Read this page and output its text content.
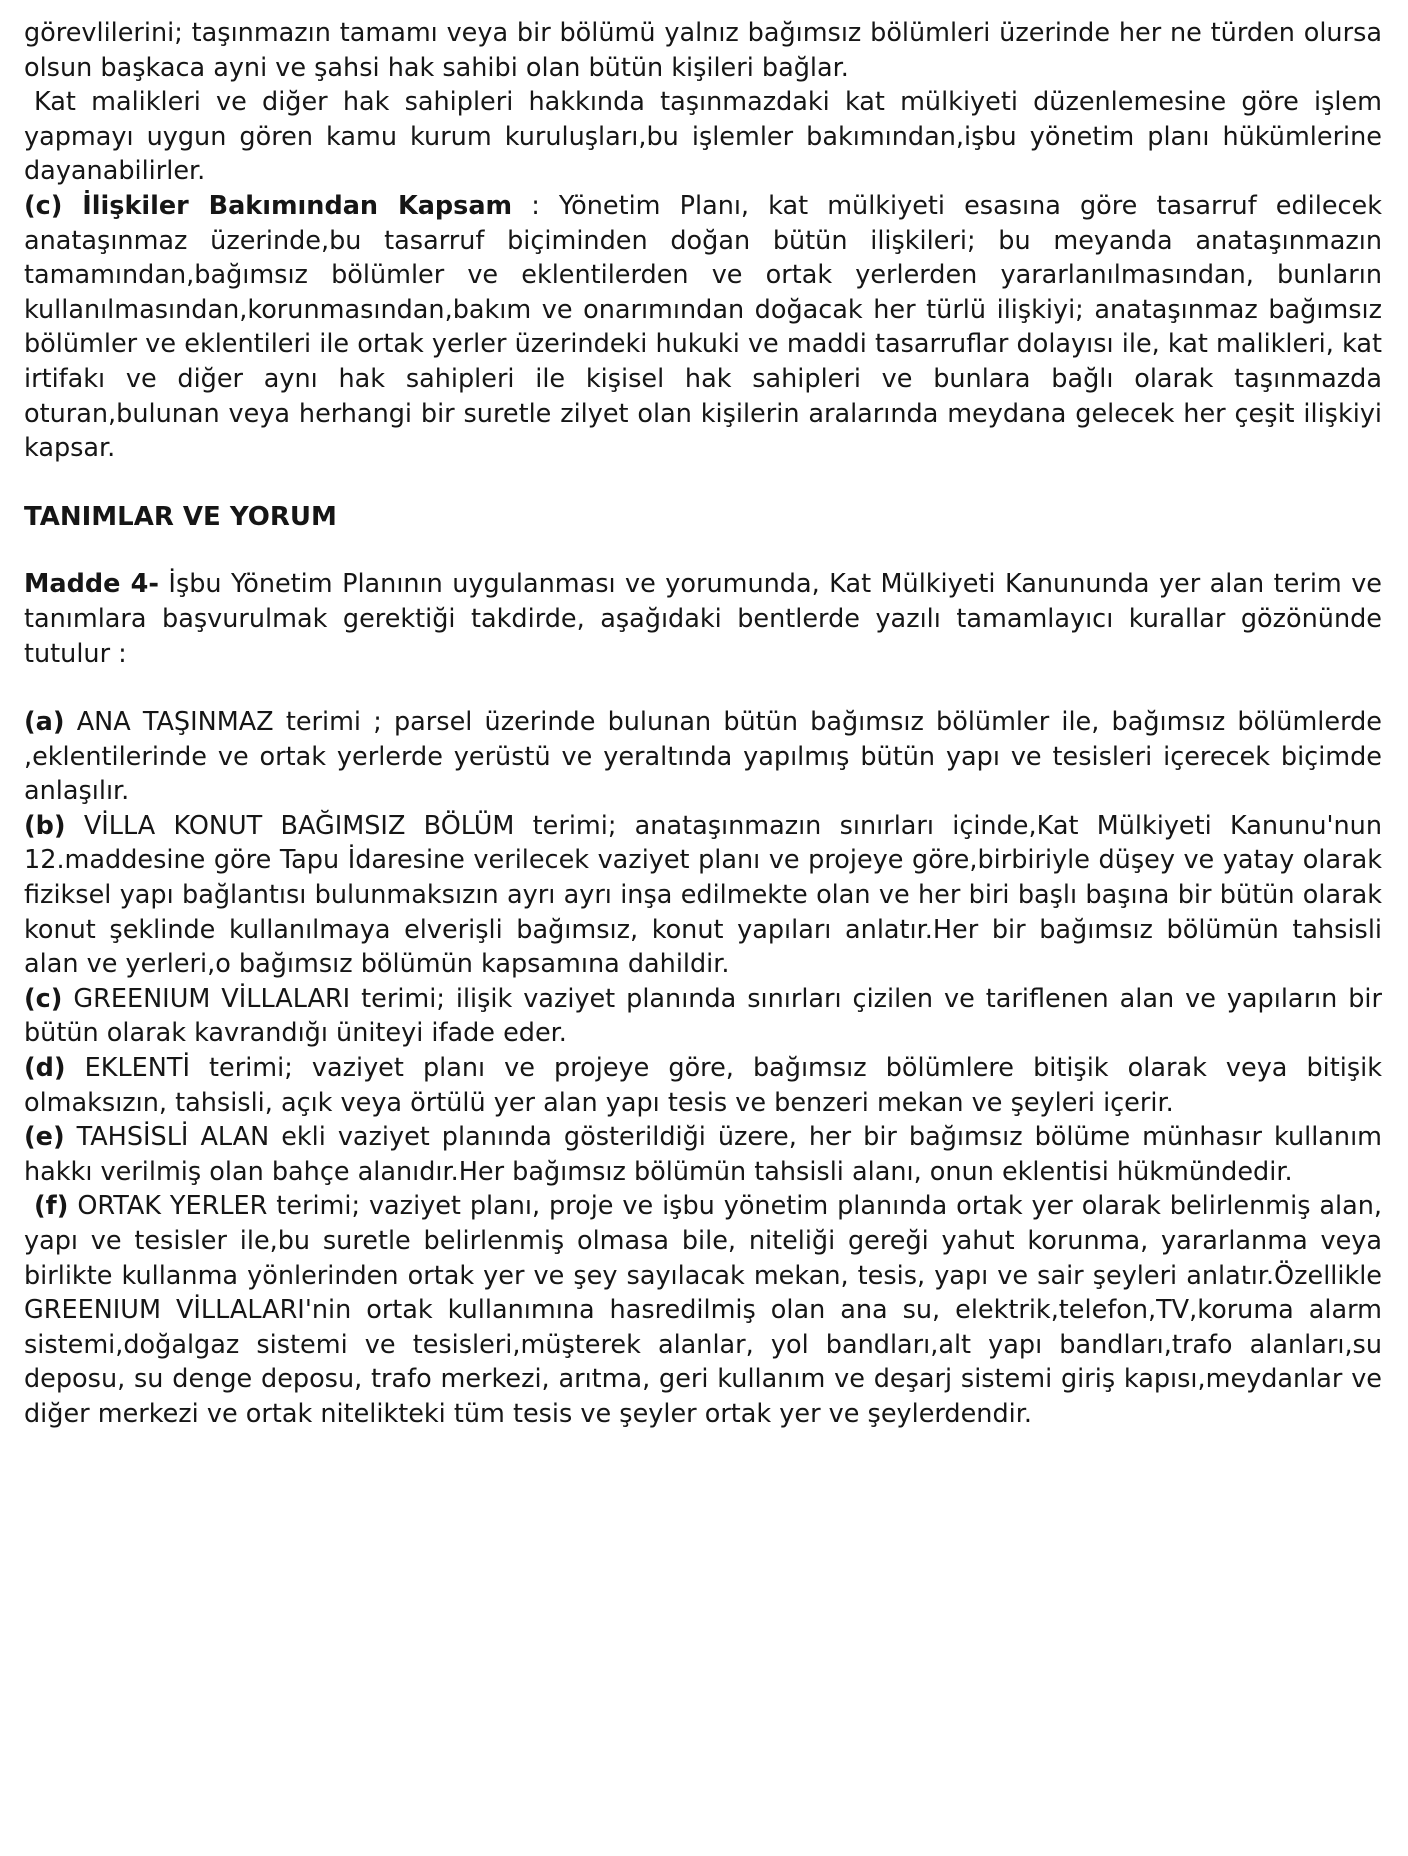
görevlilerini; taşınmazın tamamı veya bir bölümü yalnız bağımsız bölümleri üzerinde her ne türden olursa olsun başkaca ayni ve şahsi hak sahibi olan bütün kişileri bağlar.

Kat malikleri ve diğer hak sahipleri hakkında taşınmazdaki kat mülkiyeti düzenlemesine göre işlem yapmayı uygun gören kamu kurum kuruluşları,bu işlemler bakımından,işbu yönetim planı hükümlerine dayanabilirler.

(c) İlişkiler Bakımından Kapsam : Yönetim Planı, kat mülkiyeti esasına göre tasarruf edilecek anataşınmaz üzerinde,bu tasarruf biçiminden doğan bütün ilişkileri; bu meyanda anataşınmazın tamamından,bağımsız bölümler ve eklentilerden ve ortak yerlerden yararlanılmasından, bunların kullanılmasından,korunmasından,bakım ve onarımından doğacak her türlü ilişkiyi; anataşınmaz bağımsız bölümler ve eklentileri ile ortak yerler üzerindeki hukuki ve maddi tasarruflar dolayısı ile, kat malikleri, kat irtifakı ve diğer aynı hak sahipleri ile kişisel hak sahipleri ve bunlara bağlı olarak taşınmazda oturan,bulunan veya herhangi bir suretle zilyet olan kişilerin aralarında meydana gelecek her çeşit ilişkiyi kapsar.

TANIMLAR VE YORUM

Madde 4- İşbu Yönetim Planının uygulanması ve yorumunda, Kat Mülkiyeti Kanununda yer alan terim ve tanımlara başvurulmak gerektiği takdirde, aşağıdaki bentlerde yazılı tamamlayıcı kurallar gözönünde tutulur :

(a) ANA TAŞINMAZ terimi ; parsel üzerinde bulunan bütün bağımsız bölümler ile, bağımsız bölümlerde ,eklentilerinde ve ortak yerlerde yerüstü ve yeraltında yapılmış bütün yapı ve tesisleri içerecek biçimde anlaşılır.

(b) VİLLA KONUT BAĞIMSIZ BÖLÜM terimi; anataşınmazın sınırları içinde,Kat Mülkiyeti Kanunu'nun 12.maddesine göre Tapu İdaresine verilecek vaziyet planı ve projeye göre,birbiriyle düşey ve yatay olarak fiziksel yapı bağlantısı bulunmaksızın ayrı ayrı inşa edilmekte olan ve her biri başlı başına bir bütün olarak konut şeklinde kullanılmaya elverişli bağımsız, konut yapıları anlatır.Her bir bağımsız bölümün tahsisli alan ve yerleri,o bağımsız bölümün kapsamına dahildir.

(c) GREENIUM VİLLALARI terimi; ilişik vaziyet planında sınırları çizilen ve tariflenen alan ve yapıların bir bütün olarak kavrandığı üniteyi ifade eder.

(d) EKLENTİ terimi; vaziyet planı ve projeye göre, bağımsız bölümlere bitişik olarak veya bitişik olmaksızın, tahsisli, açık veya örtülü yer alan yapı tesis ve benzeri mekan ve şeyleri içerir.

(e) TAHSİSLİ ALAN ekli vaziyet planında gösterildiği üzere, her bir bağımsız bölüme münhasır kullanım hakkı verilmiş olan bahçe alanıdır.Her bağımsız bölümün tahsisli alanı, onun eklentisi hükmündedir.

(f) ORTAK YERLER terimi; vaziyet planı, proje ve işbu yönetim planında ortak yer olarak belirlenmiş alan, yapı ve tesisler ile,bu suretle belirlenmiş olmasa bile, niteliği gereği yahut korunma, yararlanma veya birlikte kullanma yönlerinden ortak yer ve şey sayılacak mekan, tesis, yapı ve sair şeyleri anlatır.Özellikle GREENIUM VİLLALARI'nin ortak kullanımına hasredilmiş olan ana su, elektrik,telefon,TV,koruma alarm sistemi,doğalgaz sistemi ve tesisleri,müşterek alanlar, yol bandları,alt yapı bandları,trafo alanları,su deposu, su denge deposu, trafo merkezi, arıtma, geri kullanım ve deşarj sistemi giriş kapısı,meydanlar ve diğer merkezi ve ortak nitelikteki tüm tesis ve şeyler ortak yer ve şeylerdendir.
